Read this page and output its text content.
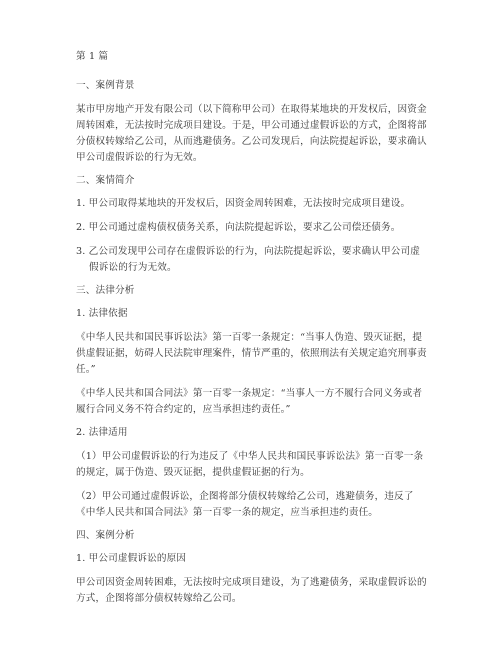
第 1 篇
一、案例背景
某市甲房地产开发有限公司（以下简称甲公司）在取得某地块的开发权后，因资金
周转困难，无法按时完成项目建设。于是，甲公司通过虚假诉讼的方式，企图将部
分债权转嫁给乙公司，从而逃避债务。乙公司发现后，向法院提起诉讼，要求确认
甲公司虚假诉讼的行为无效。
二、案情简介
1. 甲公司取得某地块的开发权后，因资金周转困难，无法按时完成项目建设。
2. 甲公司通过虚构债权债务关系，向法院提起诉讼，要求乙公司偿还债务。
3. 乙公司发现甲公司存在虚假诉讼的行为，向法院提起诉讼，要求确认甲公司虚
假诉讼的行为无效。
三、法律分析
1. 法律依据
《中华人民共和国民事诉讼法》第一百零一条规定：“当事人伪造、毁灭证据，提
供虚假证据，妨碍人民法院审理案件，情节严重的，依照刑法有关规定追究刑事责
任。”
《中华人民共和国合同法》第一百零一条规定：“当事人一方不履行合同义务或者
履行合同义务不符合约定的，应当承担违约责任。”
2. 法律适用
（1）甲公司虚假诉讼的行为违反了《中华人民共和国民事诉讼法》第一百零一条
的规定，属于伪造、毁灭证据，提供虚假证据的行为。
（2）甲公司通过虚假诉讼，企图将部分债权转嫁给乙公司，逃避债务，违反了
《中华人民共和国合同法》第一百零一条的规定，应当承担违约责任。
四、案例分析
1. 甲公司虚假诉讼的原因
甲公司因资金周转困难，无法按时完成项目建设，为了逃避债务，采取虚假诉讼的
方式，企图将部分债权转嫁给乙公司。
